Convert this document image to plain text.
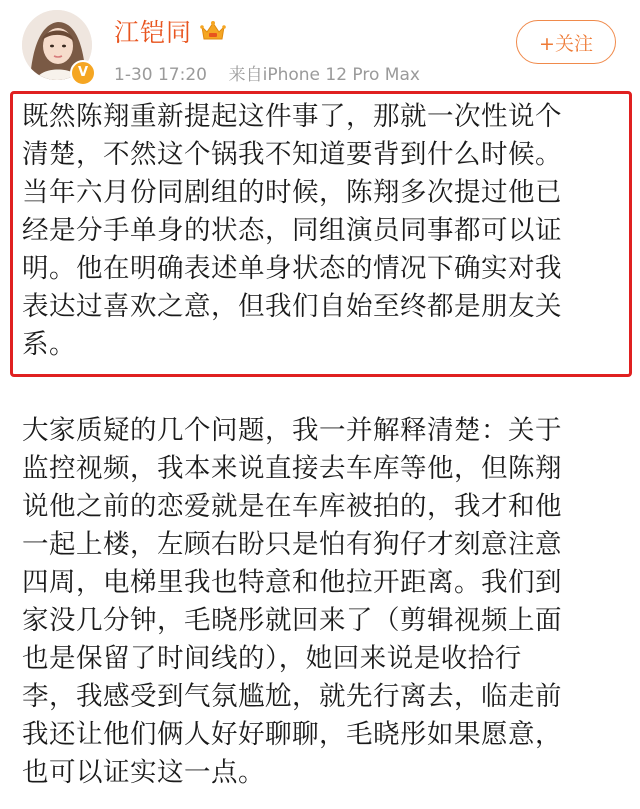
V
江铠同
1-30 17:20 来自iPhone 12 Pro Max
+关注
既然陈翔重新提起这件事了，那就一次性说个
清楚，不然这个锅我不知道要背到什么时候。
当年六月份同剧组的时候，陈翔多次提过他已
经是分手单身的状态，同组演员同事都可以证
明。他在明确表述单身状态的情况下确实对我
表达过喜欢之意，但我们自始至终都是朋友关
系。
大家质疑的几个问题，我一并解释清楚：关于
监控视频，我本来说直接去车库等他，但陈翔
说他之前的恋爱就是在车库被拍的，我才和他
一起上楼，左顾右盼只是怕有狗仔才刻意注意
四周，电梯里我也特意和他拉开距离。我们到
家没几分钟，毛晓彤就回来了（剪辑视频上面
也是保留了时间线的），她回来说是收拾行
李，我感受到气氛尴尬，就先行离去，临走前
我还让他们俩人好好聊聊，毛晓彤如果愿意，
也可以证实这一点。
